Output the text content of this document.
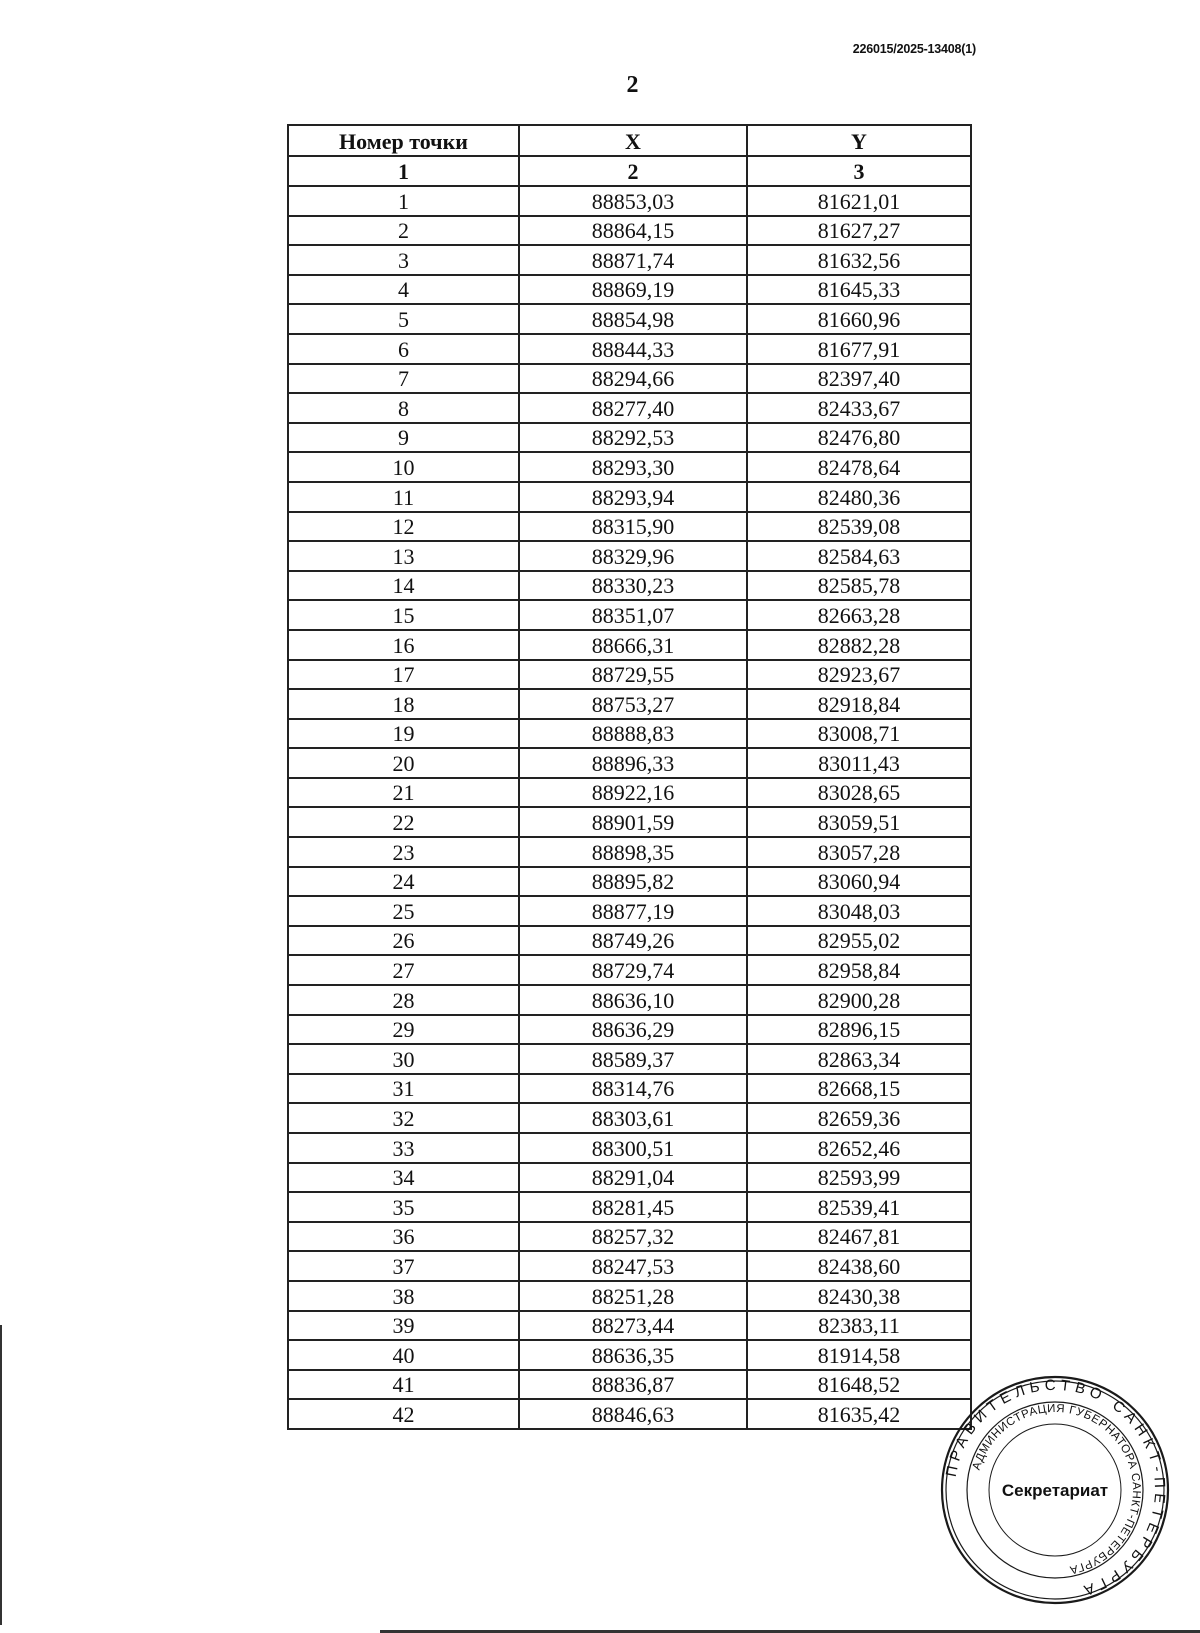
226015/2025-13408(1)
2
Номер точки	X	Y
1	2	3
1	88853,03	81621,01
2	88864,15	81627,27
3	88871,74	81632,56
4	88869,19	81645,33
5	88854,98	81660,96
6	88844,33	81677,91
7	88294,66	82397,40
8	88277,40	82433,67
9	88292,53	82476,80
10	88293,30	82478,64
11	88293,94	82480,36
12	88315,90	82539,08
13	88329,96	82584,63
14	88330,23	82585,78
15	88351,07	82663,28
16	88666,31	82882,28
17	88729,55	82923,67
18	88753,27	82918,84
19	88888,83	83008,71
20	88896,33	83011,43
21	88922,16	83028,65
22	88901,59	83059,51
23	88898,35	83057,28
24	88895,82	83060,94
25	88877,19	83048,03
26	88749,26	82955,02
27	88729,74	82958,84
28	88636,10	82900,28
29	88636,29	82896,15
30	88589,37	82863,34
31	88314,76	82668,15
32	88303,61	82659,36
33	88300,51	82652,46
34	88291,04	82593,99
35	88281,45	82539,41
36	88257,32	82467,81
37	88247,53	82438,60
38	88251,28	82430,38
39	88273,44	82383,11
40	88636,35	81914,58
41	88836,87	81648,52
42	88846,63	81635,42
ПРАВИТЕЛЬСТВО САНКТ-ПЕТЕРБУРГА
АДМИНИСТРАЦИЯ ГУБЕРНАТОРА САНКТ-ПЕТЕРБУРГА
Секретариат
